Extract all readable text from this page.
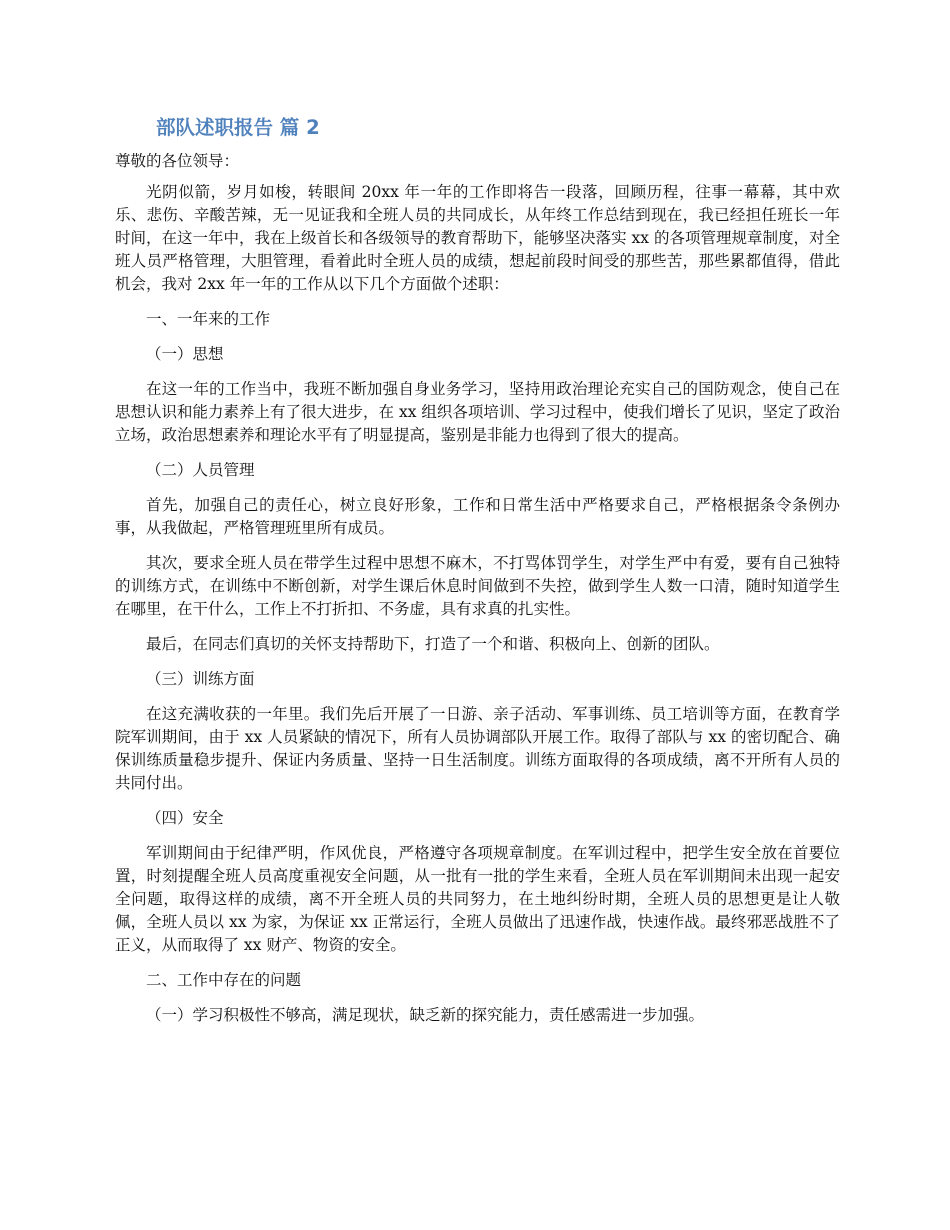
部队述职报告 篇 2

尊敬的各位领导：

光阴似箭，岁月如梭，转眼间 20xx 年一年的工作即将告一段落，回顾历程，往事一幕幕，其中欢乐、悲伤、辛酸苦辣，无一见证我和全班人员的共同成长，从年终工作总结到现在，我已经担任班长一年时间，在这一年中，我在上级首长和各级领导的教育帮助下，能够坚决落实 xx 的各项管理规章制度，对全班人员严格管理，大胆管理，看着此时全班人员的成绩，想起前段时间受的那些苦，那些累都值得，借此机会，我对 2xx 年一年的工作从以下几个方面做个述职：

一、一年来的工作

（一）思想

在这一年的工作当中，我班不断加强自身业务学习，坚持用政治理论充实自己的国防观念，使自己在思想认识和能力素养上有了很大进步，在 xx 组织各项培训、学习过程中，使我们增长了见识，坚定了政治立场，政治思想素养和理论水平有了明显提高，鉴别是非能力也得到了很大的提高。

（二）人员管理

首先，加强自己的责任心，树立良好形象，工作和日常生活中严格要求自己，严格根据条令条例办事，从我做起，严格管理班里所有成员。

其次，要求全班人员在带学生过程中思想不麻木，不打骂体罚学生，对学生严中有爱，要有自己独特的训练方式，在训练中不断创新，对学生课后休息时间做到不失控，做到学生人数一口清，随时知道学生在哪里，在干什么，工作上不打折扣、不务虚，具有求真的扎实性。

最后，在同志们真切的关怀支持帮助下，打造了一个和谐、积极向上、创新的团队。

（三）训练方面

在这充满收获的一年里。我们先后开展了一日游、亲子活动、军事训练、员工培训等方面，在教育学院军训期间，由于 xx 人员紧缺的情况下，所有人员协调部队开展工作。取得了部队与 xx 的密切配合、确保训练质量稳步提升、保证内务质量、坚持一日生活制度。训练方面取得的各项成绩，离不开所有人员的共同付出。

（四）安全

军训期间由于纪律严明，作风优良，严格遵守各项规章制度。在军训过程中，把学生安全放在首要位置，时刻提醒全班人员高度重视安全问题，从一批有一批的学生来看，全班人员在军训期间未出现一起安全问题，取得这样的成绩，离不开全班人员的共同努力，在土地纠纷时期，全班人员的思想更是让人敬佩，全班人员以 xx 为家，为保证 xx 正常运行，全班人员做出了迅速作战，快速作战。最终邪恶战胜不了正义，从而取得了 xx 财产、物资的安全。

二、工作中存在的问题

（一）学习积极性不够高，满足现状，缺乏新的探究能力，责任感需进一步加强。
